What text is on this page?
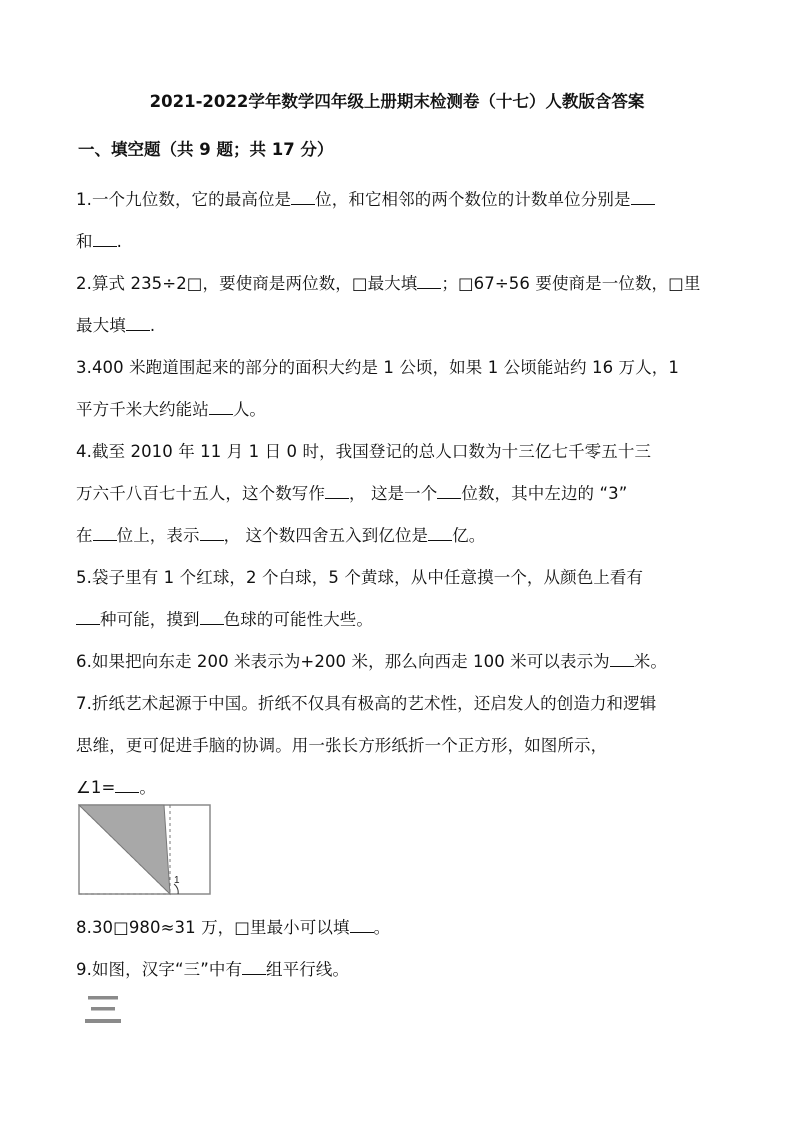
2021-2022学年数学四年级上册期末检测卷（十七）人教版含答案
一、填空题（共 9 题；共 17 分）
1.一个九位数，它的最高位是 位，和它相邻的两个数位的计数单位分别是
和 .
2.算式 235÷2□，要使商是两位数，□最大填 ；□67÷56 要使商是一位数，□里
最大填 .
3.400 米跑道围起来的部分的面积大约是 1 公顷，如果 1 公顷能站约 16 万人，1
平方千米大约能站 人。
4.截至 2010 年 11 月 1 日 0 时，我国登记的总人口数为十三亿七千零五十三
万六千八百七十五人，这个数写作 ， 这是一个 位数，其中左边的 “3”
在 位上，表示 ， 这个数四舍五入到亿位是 亿。
5.袋子里有 1 个红球，2 个白球，5 个黄球，从中任意摸一个，从颜色上看有
种可能，摸到 色球的可能性大些。
6.如果把向东走 200 米表示为+200 米，那么向西走 100 米可以表示为 米。
7.折纸艺术起源于中国。折纸不仅具有极高的艺术性，还启发人的创造力和逻辑
思维，更可促进手脑的协调。用一张长方形纸折一个正方形，如图所示，
∠1= 。
1
8.30□980≈31 万，□里最小可以填 。
9.如图，汉字“三”中有 组平行线。
